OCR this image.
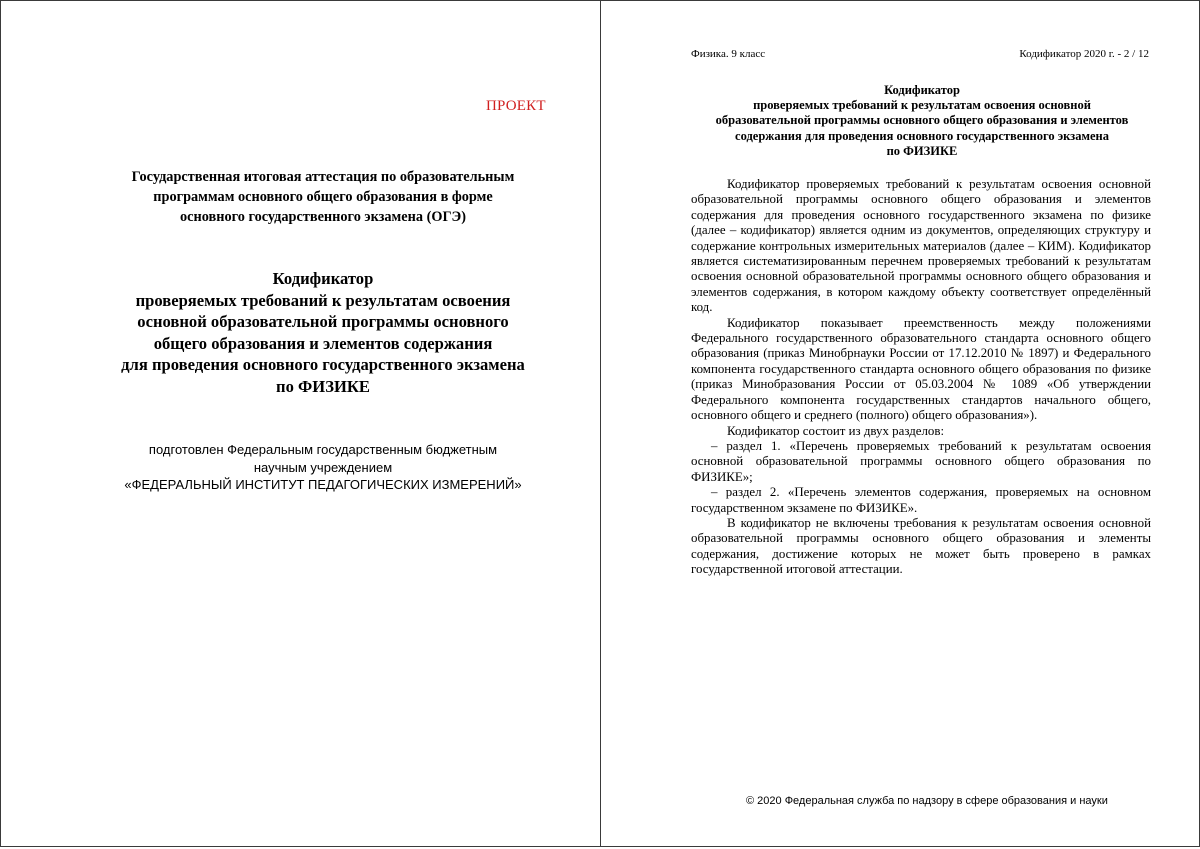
ПРОЕКТ
Государственная итоговая аттестация по образовательным
программам основного общего образования в форме
основного государственного экзамена (ОГЭ)
Кодификатор
проверяемых требований к результатам освоения
основной образовательной программы основного
общего образования и элементов содержания
для проведения основного государственного экзамена
по ФИЗИКЕ
подготовлен Федеральным государственным бюджетным
научным учреждением
«ФЕДЕРАЛЬНЫЙ ИНСТИТУТ ПЕДАГОГИЧЕСКИХ ИЗМЕРЕНИЙ»
Физика. 9 класс	Кодификатор 2020 г. - 2 / 12
Кодификатор
проверяемых требований к результатам освоения основной
образовательной программы основного общего образования и элементов
содержания для проведения основного государственного экзамена
по ФИЗИКЕ

Кодификатор проверяемых требований к результатам освоения основной образовательной программы основного общего образования и элементов содержания для проведения основного государственного экзамена по физике (далее – кодификатор) является одним из документов, определяющих структуру и содержание контрольных измерительных материалов (далее – КИМ). Кодификатор является систематизированным перечнем проверяемых требований к результатам освоения основной образовательной программы основного общего образования и элементов содержания, в котором каждому объекту соответствует определённый код.

Кодификатор показывает преемственность между положениями Федерального государственного образовательного стандарта основного общего образования (приказ Минобрнауки России от 17.12.2010 № 1897) и Федерального компонента государственного стандарта основного общего образования по физике (приказ Минобразования России от 05.03.2004 № 1089 «Об утверждении Федерального компонента государственных стандартов начального общего, основного общего и среднего (полного) общего образования»).

Кодификатор состоит из двух разделов:

– раздел 1. «Перечень проверяемых требований к результатам освоения основной образовательной программы основного общего образования по ФИЗИКЕ»;

– раздел 2. «Перечень элементов содержания, проверяемых на основном государственном экзамене по ФИЗИКЕ».

В кодификатор не включены требования к результатам освоения основной образовательной программы основного общего образования и элементы содержания, достижение которых не может быть проверено в рамках государственной итоговой аттестации.

© 2020 Федеральная служба по надзору в сфере образования и науки
